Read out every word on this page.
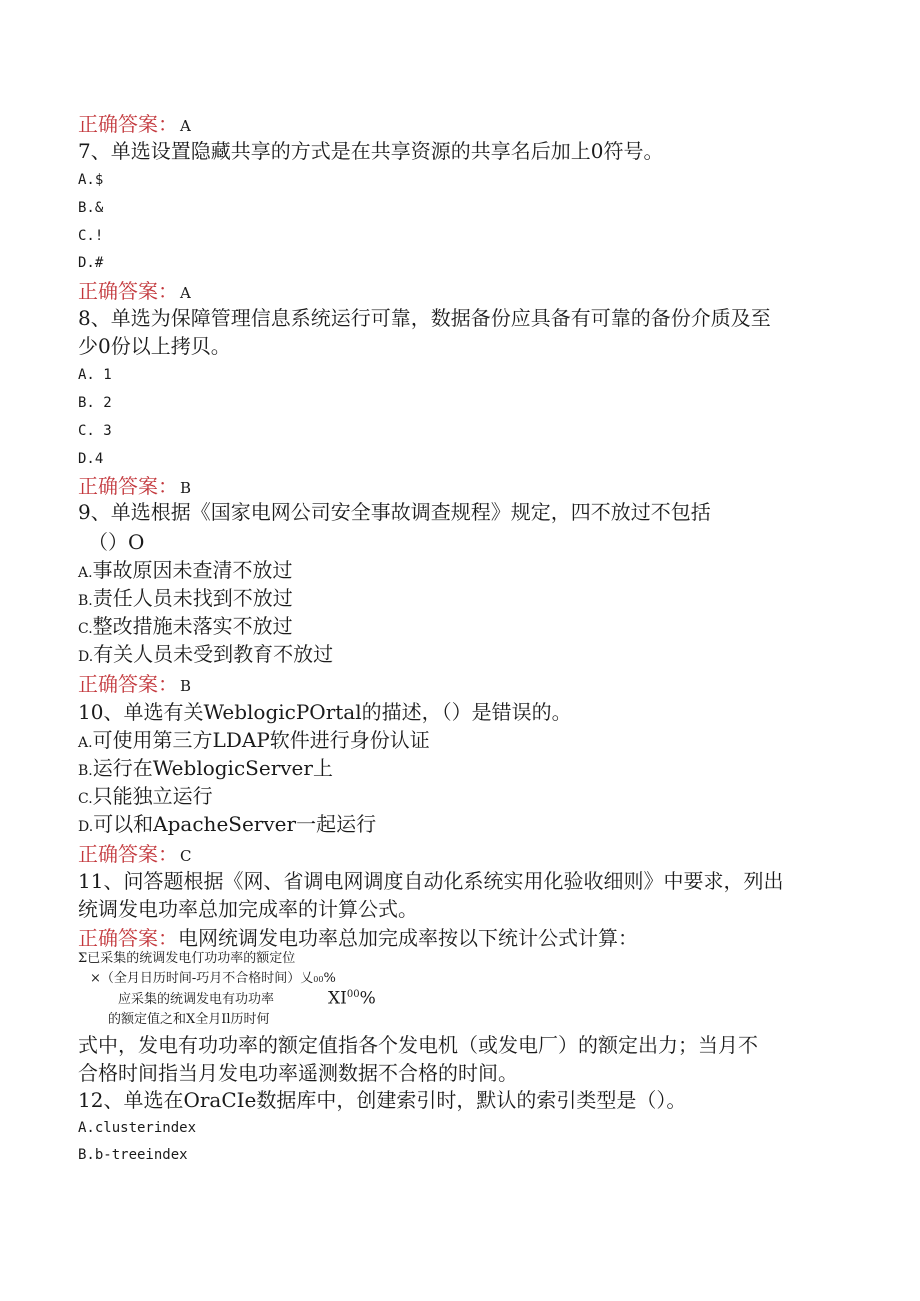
正确答案： A
7、单选设置隐藏共享的方式是在共享资源的共享名后加上0符号。
A.$
B.&
C.!
D.#
正确答案： A
8、单选为保障管理信息系统运行可靠，数据备份应具备有可靠的备份介质及至
少0份以上拷贝。
A. 1
B. 2
C. 3
D.4
正确答案： B
9、单选根据《国家电网公司安全事故调查规程》规定，四不放过不包括
（）O
A.事故原因未查清不放过
B.责任人员未找到不放过
C.整改措施未落实不放过
D.有关人员未受到教育不放过
正确答案： B
10、单选有关WeblogicPOrtal的描述，（）是错误的。
A.可使用第三方LDAP软件进行身份认证
B.运行在WeblogicServer上
C.只能独立运行
D.可以和ApacheServer一起运行
正确答案： C
11、问答题根据《网、省调电网调度自动化系统实用化验收细则》中要求，列出
统调发电功率总加完成率的计算公式。
正确答案：电网统调发电功率总加完成率按以下统计公式计算：
Σ已采集的统调发电仃功功率的额定位
×（全月日历时间-巧月不合格时间）乂00%
应采集的统调发电有功功率	XI$^{00}$%
的额定值之和X全月Il历时何
式中，发电有功功率的额定值指各个发电机（或发电厂）的额定出力；当月不
合格时间指当月发电功率遥测数据不合格的时间。
12、单选在OraCIe数据库中，创建索引时，默认的索引类型是（）。
A.clusterindex
B.b-treeindex
